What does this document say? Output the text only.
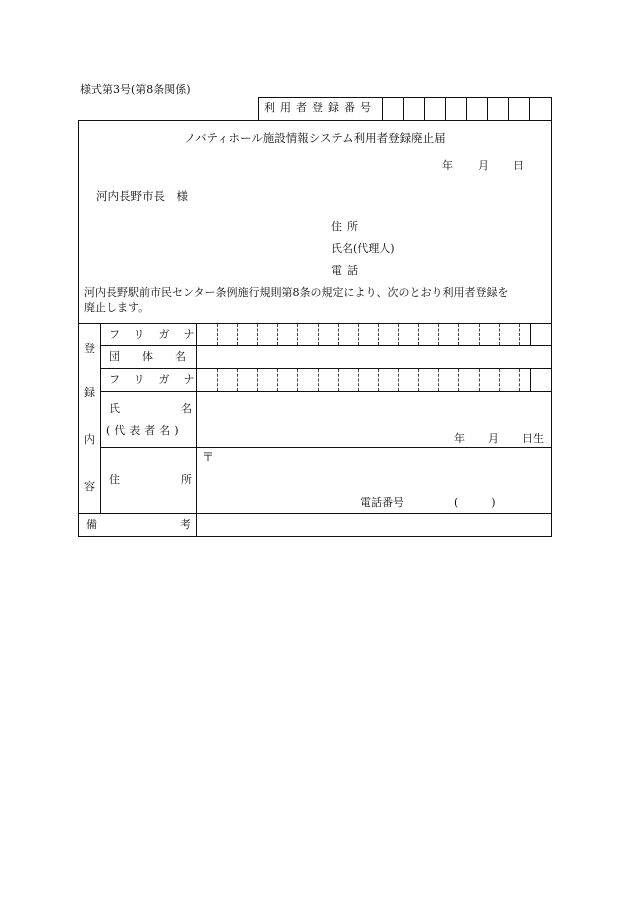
様式第3号(第8条関係)
利用者登録番号
ノバティホール施設情報システム利用者登録廃止届
年 月 日
河内長野市長　様
住所
氏名(代理人)
電話
河内長野駅前市民センター条例施行規則第8条の規定により、次のとおり利用者登録を
廃止します。
登
録
内
容
フリガナ
団体名
フリガナ
氏名
(代表者名)
年 月 日生
住所
〒
電話番号	(　　　)
備考
